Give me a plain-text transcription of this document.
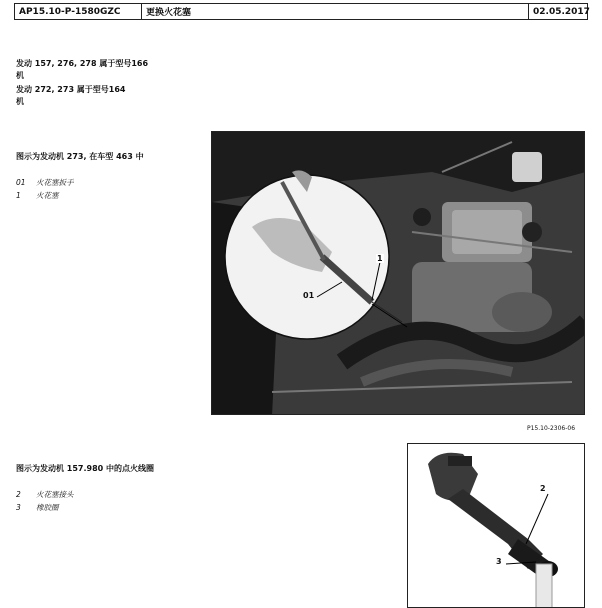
AP15.10-P-1580GZC	更换火花塞	02.05.2017
发动 157, 276, 278 属于型号166
机
发动 272, 273 属于型号164
机
图示为发动机 273, 在车型 463 中
01 火花塞扳手
1 火花塞
1
01
P15.10-2306-06
图示为发动机 157.980 中的点火线圈
2 火花塞接头
3 橡胶圈
2
3
